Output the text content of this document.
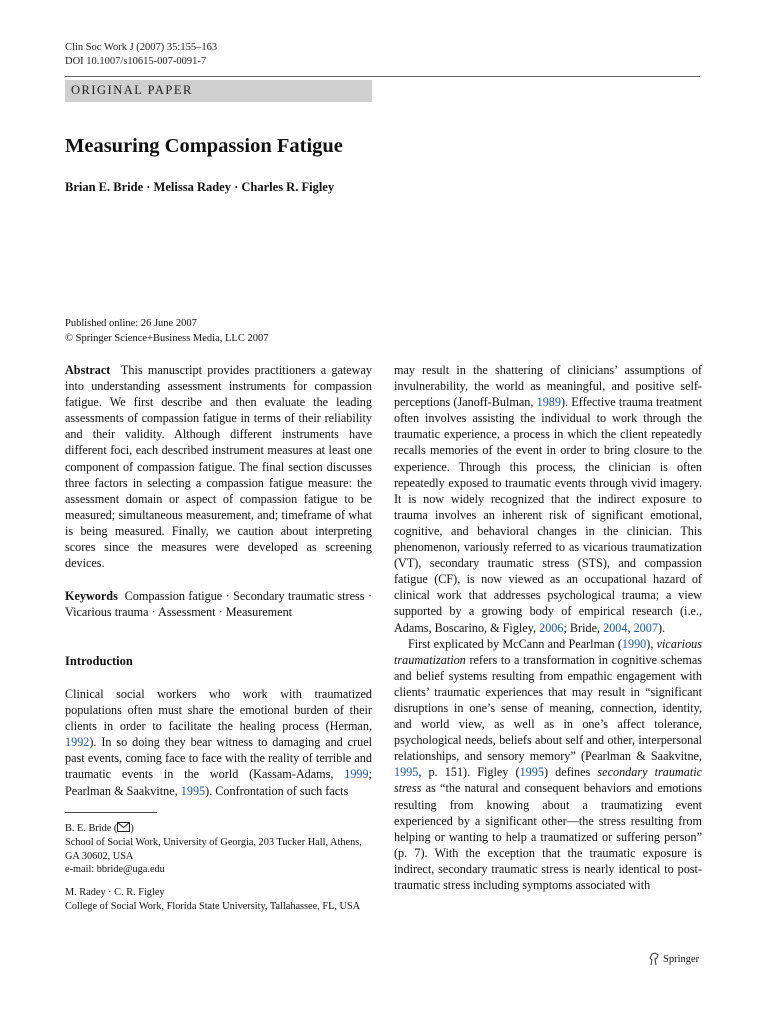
Clin Soc Work J (2007) 35:155–163
DOI 10.1007/s10615-007-0091-7
ORIGINAL PAPER
Measuring Compassion Fatigue
Brian E. Bride · Melissa Radey · Charles R. Figley
Published online: 26 June 2007
© Springer Science+Business Media, LLC 2007

Abstract This manuscript provides practitioners a gateway into understanding assessment instruments for compassion fatigue. We first describe and then evaluate the leading assessments of compassion fatigue in terms of their reliability and their validity. Although different instruments have different foci, each described instrument measures at least one component of compassion fatigue. The final section discusses three factors in selecting a compassion fatigue measure: the assessment domain or aspect of compassion fatigue to be measured; simultaneous measurement, and; timeframe of what is being measured. Finally, we caution about interpreting scores since the measures were developed as screening devices.

Keywords Compassion fatigue · Secondary traumatic stress · Vicarious trauma · Assessment · Measurement

Introduction

Clinical social workers who work with traumatized populations often must share the emotional burden of their clients in order to facilitate the healing process (Herman, 1992). In so doing they bear witness to damaging and cruel past events, coming face to face with the reality of terrible and traumatic events in the world (Kassam-Adams, 1999; Pearlman & Saakvitne, 1995). Confrontation of such facts

B. E. Bride ( )
School of Social Work, University of Georgia, 203 Tucker Hall, Athens, GA 30602, USA
e-mail: bbride@uga.edu
M. Radey · C. R. Figley
College of Social Work, Florida State University, Tallahassee, FL, USA

may result in the shattering of clinicians’ assumptions of invulnerability, the world as meaningful, and positive self-perceptions (Janoff-Bulman, 1989). Effective trauma treatment often involves assisting the individual to work through the traumatic experience, a process in which the client repeatedly recalls memories of the event in order to bring closure to the experience. Through this process, the clinician is often repeatedly exposed to traumatic events through vivid imagery. It is now widely recognized that the indirect exposure to trauma involves an inherent risk of significant emotional, cognitive, and behavioral changes in the clinician. This phenomenon, variously referred to as vicarious traumatization (VT), secondary traumatic stress (STS), and compassion fatigue (CF), is now viewed as an occupational hazard of clinical work that addresses psychological trauma; a view supported by a growing body of empirical research (i.e., Adams, Boscarino, & Figley, 2006; Bride, 2004, 2007).

First explicated by McCann and Pearlman (1990), vicarious traumatization refers to a transformation in cognitive schemas and belief systems resulting from empathic engagement with clients’ traumatic experiences that may result in “significant disruptions in one’s sense of meaning, connection, identity, and world view, as well as in one’s affect tolerance, psychological needs, beliefs about self and other, interpersonal relationships, and sensory memory” (Pearlman & Saakvitne, 1995, p. 151). Figley (1995) defines secondary traumatic stress as “the natural and consequent behaviors and emotions resulting from knowing about a traumatizing event experienced by a significant other—the stress resulting from helping or wanting to help a traumatized or suffering person” (p. 7). With the exception that the traumatic exposure is indirect, secondary traumatic stress is nearly identical to post-traumatic stress including symptoms associated with

Springer
